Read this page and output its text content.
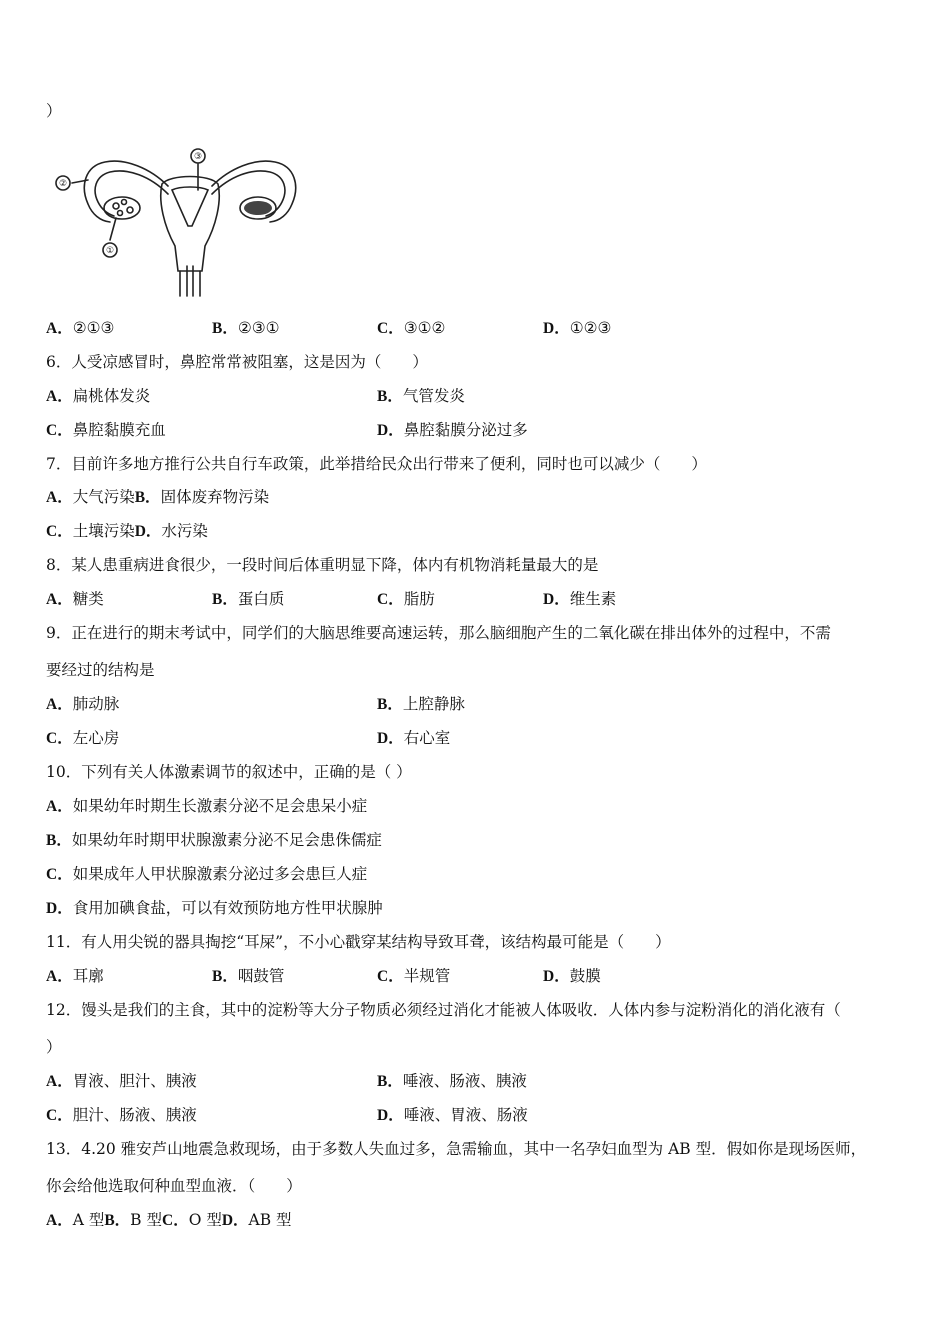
）
③
②
①
A．②①③	B．②③①	C．③①②	D．①②③
6．人受凉感冒时，鼻腔常常被阻塞，这是因为（　　）
A．扁桃体发炎	B．气管发炎
C．鼻腔黏膜充血	D．鼻腔黏膜分泌过多
7．目前许多地方推行公共自行车政策，此举措给民众出行带来了便利，同时也可以减少（　　）
A．大气污染B．固体废弃物污染
C．土壤污染D．水污染
8．某人患重病进食很少，一段时间后体重明显下降，体内有机物消耗量最大的是
A．糖类	B．蛋白质	C．脂肪	D．维生素
9．正在进行的期末考试中，同学们的大脑思维要高速运转，那么脑细胞产生的二氧化碳在排出体外的过程中，不需
要经过的结构是
A．肺动脉	B．上腔静脉
C．左心房	D．右心室
10．下列有关人体激素调节的叙述中，正确的是（ ）
A．如果幼年时期生长激素分泌不足会患呆小症
B．如果幼年时期甲状腺激素分泌不足会患侏儒症
C．如果成年人甲状腺激素分泌过多会患巨人症
D．食用加碘食盐，可以有效预防地方性甲状腺肿
11．有人用尖锐的器具掏挖“耳屎”，不小心戳穿某结构导致耳聋，该结构最可能是（　　）
A．耳廓	B．咽鼓管	C．半规管	D．鼓膜
12．馒头是我们的主食，其中的淀粉等大分子物质必须经过消化才能被人体吸收．人体内参与淀粉消化的消化液有（
）
A．胃液、胆汁、胰液	B．唾液、肠液、胰液
C．胆汁、肠液、胰液	D．唾液、胃液、肠液
13．4.20 雅安芦山地震急救现场，由于多数人失血过多，急需输血，其中一名孕妇血型为 AB 型．假如你是现场医师，
你会给他选取何种血型血液．（　　）
A．A 型B．B 型C．O 型D．AB 型
